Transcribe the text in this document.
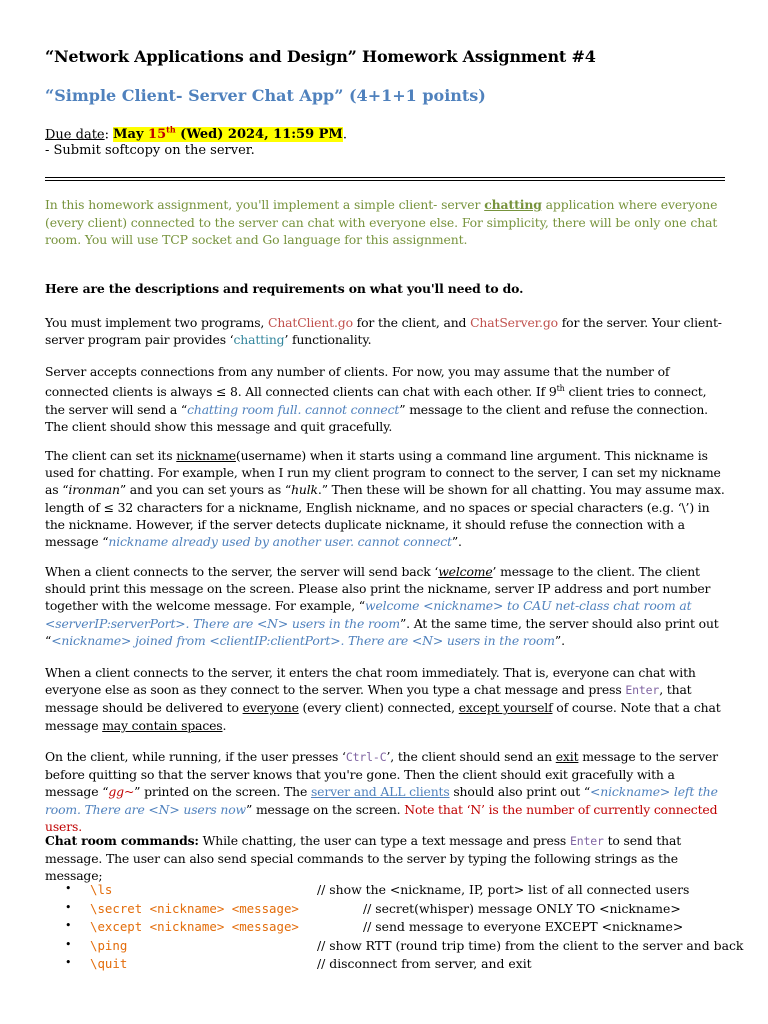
“Network Applications and Design” Homework Assignment #4
“Simple Client- Server Chat App” (4+1+1 points)
Due date: May 15th (Wed) 2024, 11:59 PM.
- Submit softcopy on the server.
In this homework assignment, you'll implement a simple client- server chatting application where everyone (every client) connected to the server can chat with everyone else. For simplicity, there will be only one chat room. You will use TCP socket and Go language for this assignment.
Here are the descriptions and requirements on what you'll need to do.
You must implement two programs, ChatClient.go for the client, and ChatServer.go for the server. Your client-server program pair provides ‘chatting’ functionality.
Server accepts connections from any number of clients. For now, you may assume that the number of connected clients is always ≤ 8. All connected clients can chat with each other. If 9th client tries to connect, the server will send a “chatting room full. cannot connect” message to the client and refuse the connection. The client should show this message and quit gracefully.
The client can set its nickname(username) when it starts using a command line argument. This nickname is used for chatting. For example, when I run my client program to connect to the server, I can set my nickname as “ironman” and you can set yours as “hulk.” Then these will be shown for all chatting. You may assume max. length of ≤ 32 characters for a nickname, English nickname, and no spaces or special characters (e.g. ‘\’) in the nickname. However, if the server detects duplicate nickname, it should refuse the connection with a message “nickname already used by another user. cannot connect”.
When a client connects to the server, the server will send back ‘welcome’ message to the client. The client should print this message on the screen. Please also print the nickname, server IP address and port number together with the welcome message. For example, “welcome <nickname> to CAU net-class chat room at <serverIP:serverPort>. There are <N> users in the room”. At the same time, the server should also print out “<nickname> joined from <clientIP:clientPort>. There are <N> users in the room”.
When a client connects to the server, it enters the chat room immediately. That is, everyone can chat with everyone else as soon as they connect to the server. When you type a chat message and press Enter, that message should be delivered to everyone (every client) connected, except yourself of course. Note that a chat message may contain spaces.
On the client, while running, if the user presses ‘Ctrl-C’, the client should send an exit message to the server before quitting so that the server knows that you're gone. Then the client should exit gracefully with a message “gg~” printed on the screen. The server and ALL clients should also print out “<nickname> left the room. There are <N> users now” message on the screen. Note that ‘N’ is the number of currently connected users.
Chat room commands: While chatting, the user can type a text message and press Enter to send that message. The user can also send special commands to the server by typing the following strings as the message;
• \ls	// show the <nickname, IP, port> list of all connected users
• \secret <nickname> <message>	// secret(whisper) message ONLY TO <nickname>
• \except <nickname> <message>	// send message to everyone EXCEPT <nickname>
• \ping	// show RTT (round trip time) from the client to the server and back
• \quit	// disconnect from server, and exit
